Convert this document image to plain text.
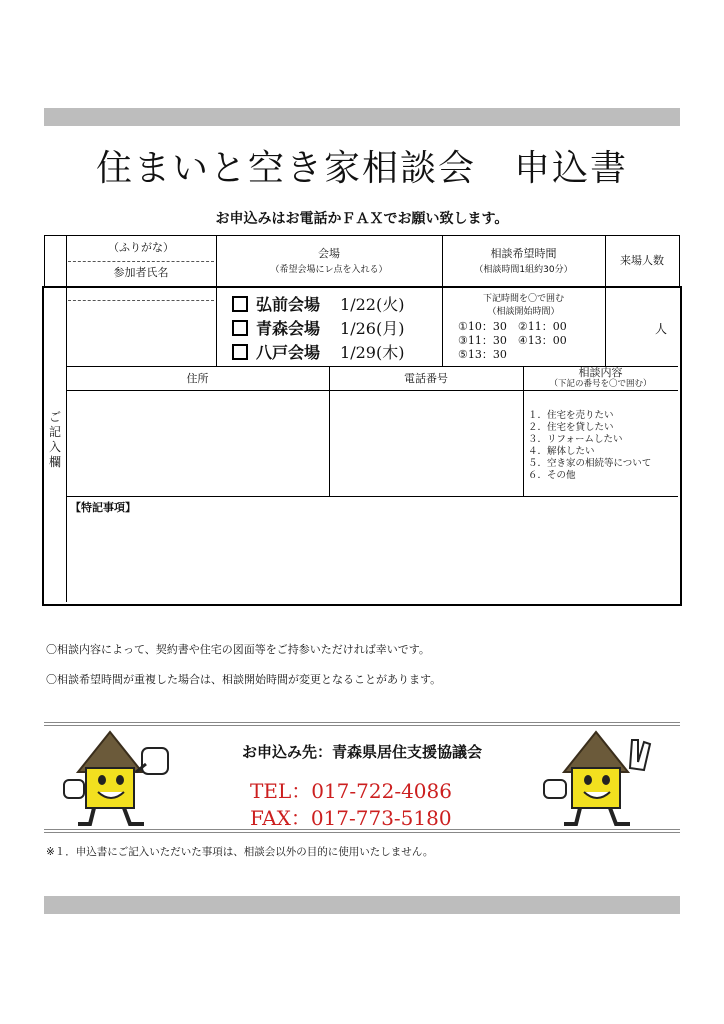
住まいと空き家相談会　申込書
お申込みはお電話かＦＡＸでお願い致します。
（ふりがな）
参加者氏名
会場
（希望会場にレ点を入れる）
相談希望時間
（相談時間1組約30分）
来場人数
ご記入欄
弘前会場 1/22(火)
青森会場 1/26(月)
八戸会場 1/29(木)
下記時間を〇で囲む
（相談開始時間）
①10：30　②11：00
③11：30　④13：00
⑤13：30
人
住所	電話番号	相談内容
（下記の番号を〇で囲む）
１．住宅を売りたい
２．住宅を貸したい
３．リフォームしたい
４．解体したい
５．空き家の相続等について
６．その他
【特記事項】
〇相談内容によって、契約書や住宅の図面等をご持参いただければ幸いです。
〇相談希望時間が重複した場合は、相談開始時間が変更となることがあります。
お申込み先：青森県居住支援協議会
TEL：017-722-4086
FAX：017-773-5180
※１．申込書にご記入いただいた事項は、相談会以外の目的に使用いたしません。
